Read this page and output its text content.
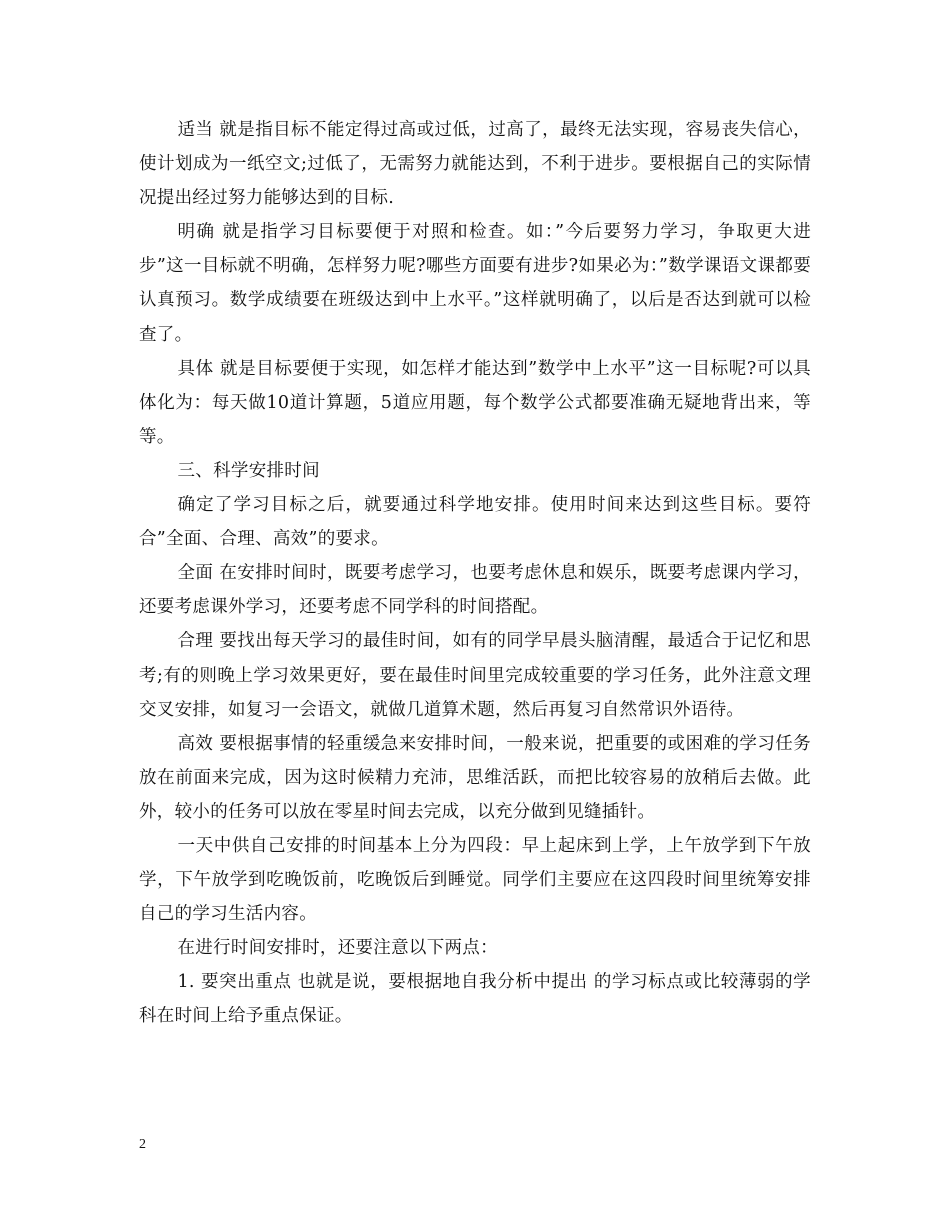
适当 就是指目标不能定得过高或过低，过高了，最终无法实现，容易丧失信心，使计划成为一纸空文;过低了，无需努力就能达到，不利于进步。要根据自己的实际情况提出经过努力能够达到的目标.

明确 就是指学习目标要便于对照和检查。如：”今后要努力学习，争取更大进步”这一目标就不明确，怎样努力呢?哪些方面要有进步?如果必为：”数学课语文课都要认真预习。数学成绩要在班级达到中上水平。”这样就明确了，以后是否达到就可以检查了。

具体 就是目标要便于实现，如怎样才能达到”数学中上水平”这一目标呢?可以具体化为：每天做10道计算题，5道应用题，每个数学公式都要准确无疑地背出来，等等。

三、科学安排时间

确定了学习目标之后，就要通过科学地安排。使用时间来达到这些目标。要符合”全面、合理、高效”的要求。

全面 在安排时间时，既要考虑学习，也要考虑休息和娱乐，既要考虑课内学习，还要考虑课外学习，还要考虑不同学科的时间搭配。

合理 要找出每天学习的最佳时间，如有的同学早晨头脑清醒，最适合于记忆和思考;有的则晚上学习效果更好，要在最佳时间里完成较重要的学习任务，此外注意文理交叉安排，如复习一会语文，就做几道算术题，然后再复习自然常识外语待。

高效 要根据事情的轻重缓急来安排时间，一般来说，把重要的或困难的学习任务放在前面来完成，因为这时候精力充沛，思维活跃，而把比较容易的放稍后去做。此外，较小的任务可以放在零星时间去完成，以充分做到见缝插针。

一天中供自己安排的时间基本上分为四段：早上起床到上学，上午放学到下午放学，下午放学到吃晚饭前，吃晚饭后到睡觉。同学们主要应在这四段时间里统筹安排自己的学习生活内容。

在进行时间安排时，还要注意以下两点：

1. 要突出重点 也就是说，要根据地自我分析中提出 的学习标点或比较薄弱的学科在时间上给予重点保证。

2
